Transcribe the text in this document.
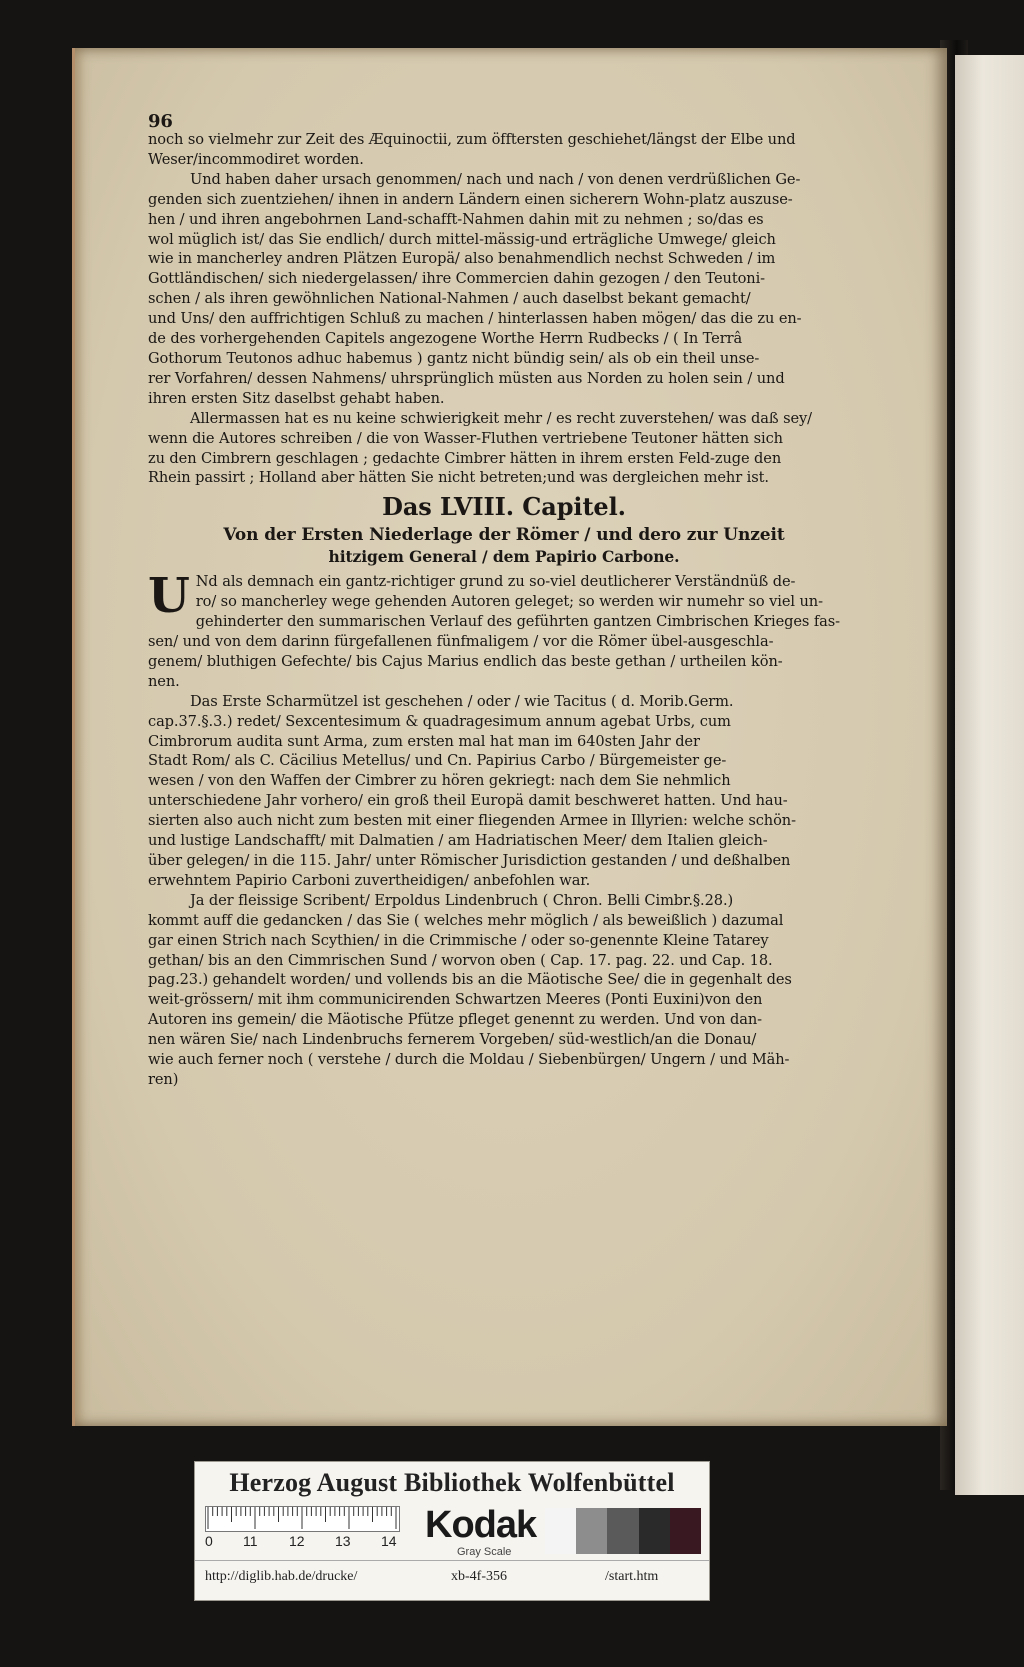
96

noch so vielmehr zur Zeit des Æquinoctii, zum öfftersten geschiehet/längst der Elbe und
Weser/incommodiret worden.
Und haben daher ursach genommen/ nach und nach / von denen verdrüßlichen Ge-
genden sich zuentziehen/ ihnen in andern Ländern einen sicherern Wohn-platz auszuse-
hen / und ihren angebohrnen Land-schafft-Nahmen dahin mit zu nehmen ; so/das es
wol müglich ist/ das Sie endlich/ durch mittel-mässig-und erträgliche Umwege/ gleich
wie in mancherley andren Plätzen Europä/ also benahmendlich nechst Schweden / im
Gottländischen/ sich niedergelassen/ ihre Commercien dahin gezogen / den Teutoni-
schen / als ihren gewöhnlichen National-Nahmen / auch daselbst bekant gemacht/
und Uns/ den auffrichtigen Schluß zu machen / hinterlassen haben mögen/ das die zu en-
de des vorhergehenden Capitels angezogene Worthe Herrn Rudbecks / ( In Terrâ
Gothorum Teutonos adhuc habemus ) gantz nicht bündig sein/ als ob ein theil unse-
rer Vorfahren/ dessen Nahmens/ uhrsprünglich müsten aus Norden zu holen sein / und
ihren ersten Sitz daselbst gehabt haben.
Allermassen hat es nu keine schwierigkeit mehr / es recht zuverstehen/ was daß sey/
wenn die Autores schreiben / die von Wasser-Fluthen vertriebene Teutoner hätten sich
zu den Cimbrern geschlagen ; gedachte Cimbrer hätten in ihrem ersten Feld-zuge den
Rhein passirt ; Holland aber hätten Sie nicht betreten;und was dergleichen mehr ist.

Das LVIII. Capitel.

Von der Ersten Niederlage der Römer / und dero zur Unzeit

hitzigem General / dem Papirio Carbone.

U Nd als demnach ein gantz-richtiger grund zu so-viel deutlicherer Verständnüß de-
ro/ so mancherley wege gehenden Autoren geleget; so werden wir numehr so viel un-
gehinderter den summarischen Verlauf des geführten gantzen Cimbrischen Krieges fas-
sen/ und von dem darinn fürgefallenen fünfmaligem / vor die Römer übel-ausgeschla-
genem/ bluthigen Gefechte/ bis Cajus Marius endlich das beste gethan / urtheilen kön-
nen.
Das Erste Scharmützel ist geschehen / oder / wie Tacitus ( d. Morib.Germ.
cap.37.§.3.) redet/ Sexcentesimum & quadragesimum annum agebat Urbs, cum
Cimbrorum audita sunt Arma, zum ersten mal hat man im 640sten Jahr der
Stadt Rom/ als C. Cäcilius Metellus/ und Cn. Papirius Carbo / Bürgemeister ge-
wesen / von den Waffen der Cimbrer zu hören gekriegt: nach dem Sie nehmlich
unterschiedene Jahr vorhero/ ein groß theil Europä damit beschweret hatten. Und hau-
sierten also auch nicht zum besten mit einer fliegenden Armee in Illyrien: welche schön-
und lustige Landschafft/ mit Dalmatien / am Hadriatischen Meer/ dem Italien gleich-
über gelegen/ in die 115. Jahr/ unter Römischer Jurisdiction gestanden / und deßhalben
erwehntem Papirio Carboni zuvertheidigen/ anbefohlen war.
Ja der fleissige Scribent/ Erpoldus Lindenbruch ( Chron. Belli Cimbr.§.28.)
kommt auff die gedancken / das Sie ( welches mehr möglich / als beweißlich ) dazumal
gar einen Strich nach Scythien/ in die Crimmische / oder so-genennte Kleine Tatarey
gethan/ bis an den Cimmrischen Sund / worvon oben ( Cap. 17. pag. 22. und Cap. 18.
pag.23.) gehandelt worden/ und vollends bis an die Mäotische See/ die in gegenhalt des
weit-grössern/ mit ihm communicirenden Schwartzen Meeres (Ponti Euxini)von den
Autoren ins gemein/ die Mäotische Pfütze pfleget genennt zu werden. Und von dan-
nen wären Sie/ nach Lindenbruchs fernerem Vorgeben/ süd-westlich/an die Donau/
wie auch ferner noch ( verstehe / durch die Moldau / Siebenbürgen/ Ungern / und Mäh-
ren)
Herzog August Bibliothek Wolfenbüttel
0 11 12 13 14 Kodak
Gray Scale
http://diglib.hab.de/drucke/	xb-4f-356	/start.htm
